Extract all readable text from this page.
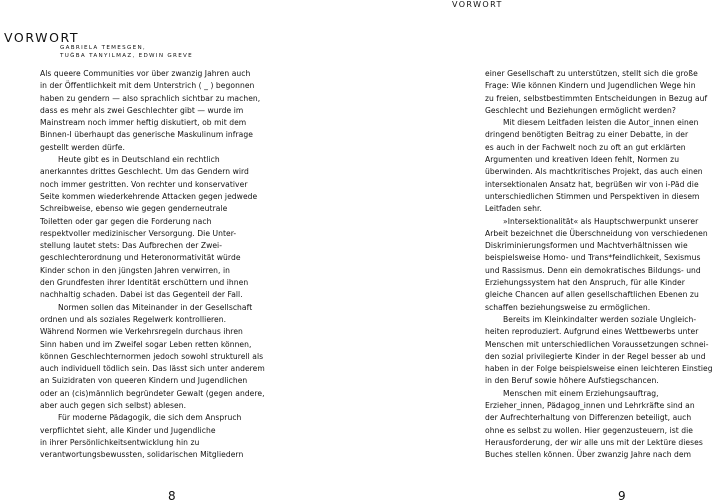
VORWORT
VORWORT
GABRIELA TEMESGEN,
TUĞBA TANYILMAZ, EDWIN GREVE
Als queere Communities vor über zwanzig Jahren auch
in der Öffentlichkeit mit dem Unterstrich ( _ ) begonnen
haben zu gendern — also sprachlich sichtbar zu machen,
dass es mehr als zwei Geschlechter gibt — wurde im
Mainstream noch immer heftig diskutiert, ob mit dem
Binnen-I überhaupt das generische Maskulinum infrage
gestellt werden dürfe.
Heute gibt es in Deutschland ein rechtlich
anerkanntes drittes Geschlecht. Um das Gendern wird
noch immer gestritten. Von rechter und konservativer
Seite kommen wiederkehrende Attacken gegen jedwede
Schreibweise, ebenso wie gegen genderneutrale
Toiletten oder gar gegen die Forderung nach
respektvoller medizinischer Versorgung. Die Unter-
stellung lautet stets: Das Aufbrechen der Zwei-
geschlechterordnung und Heteronormativität würde
Kinder schon in den jüngsten Jahren verwirren, in
den Grundfesten ihrer Identität erschüttern und ihnen
nachhaltig schaden. Dabei ist das Gegenteil der Fall.
Normen sollen das Miteinander in der Gesellschaft
ordnen und als soziales Regelwerk kontrollieren.
Während Normen wie Verkehrsregeln durchaus ihren
Sinn haben und im Zweifel sogar Leben retten können,
können Geschlechternormen jedoch sowohl strukturell als
auch individuell tödlich sein. Das lässt sich unter anderem
an Suizidraten von queeren Kindern und Jugendlichen
oder an (cis)männlich begründeter Gewalt (gegen andere,
aber auch gegen sich selbst) ablesen.
Für moderne Pädagogik, die sich dem Anspruch
verpflichtet sieht, alle Kinder und Jugendliche
in ihrer Persönlichkeitsentwicklung hin zu
verantwortungsbewussten, solidarischen Mitgliedern
8
einer Gesellschaft zu unterstützen, stellt sich die große
Frage: Wie können Kindern und Jugendlichen Wege hin
zu freien, selbstbestimmten Entscheidungen in Bezug auf
Geschlecht und Beziehungen ermöglicht werden?
Mit diesem Leitfaden leisten die Autor_innen einen
dringend benötigten Beitrag zu einer Debatte, in der
es auch in der Fachwelt noch zu oft an gut erklärten
Argumenten und kreativen Ideen fehlt, Normen zu
überwinden. Als machtkritisches Projekt, das auch einen
intersektionalen Ansatz hat, begrüßen wir von i-Päd die
unterschiedlichen Stimmen und Perspektiven in diesem
Leitfaden sehr.
»Intersektionalität« als Hauptschwerpunkt unserer
Arbeit bezeichnet die Überschneidung von verschiedenen
Diskriminierungsformen und Machtverhältnissen wie
beispielsweise Homo- und Trans*feindlichkeit, Sexismus
und Rassismus. Denn ein demokratisches Bildungs- und
Erziehungssystem hat den Anspruch, für alle Kinder
gleiche Chancen auf allen gesellschaftlichen Ebenen zu
schaffen beziehungsweise zu ermöglichen.
Bereits im Kleinkindalter werden soziale Ungleich-
heiten reproduziert. Aufgrund eines Wettbewerbs unter
Menschen mit unterschiedlichen Voraussetzungen schnei-
den sozial privilegierte Kinder in der Regel besser ab und
haben in der Folge beispielsweise einen leichteren Einstieg
in den Beruf sowie höhere Aufstiegschancen.
Menschen mit einem Erziehungsauftrag,
Erzieher_innen, Pädagog_innen und Lehrkräfte sind an
der Aufrechterhaltung von Differenzen beteiligt, auch
ohne es selbst zu wollen. Hier gegenzusteuern, ist die
Herausforderung, der wir alle uns mit der Lektüre dieses
Buches stellen können. Über zwanzig Jahre nach dem
9
